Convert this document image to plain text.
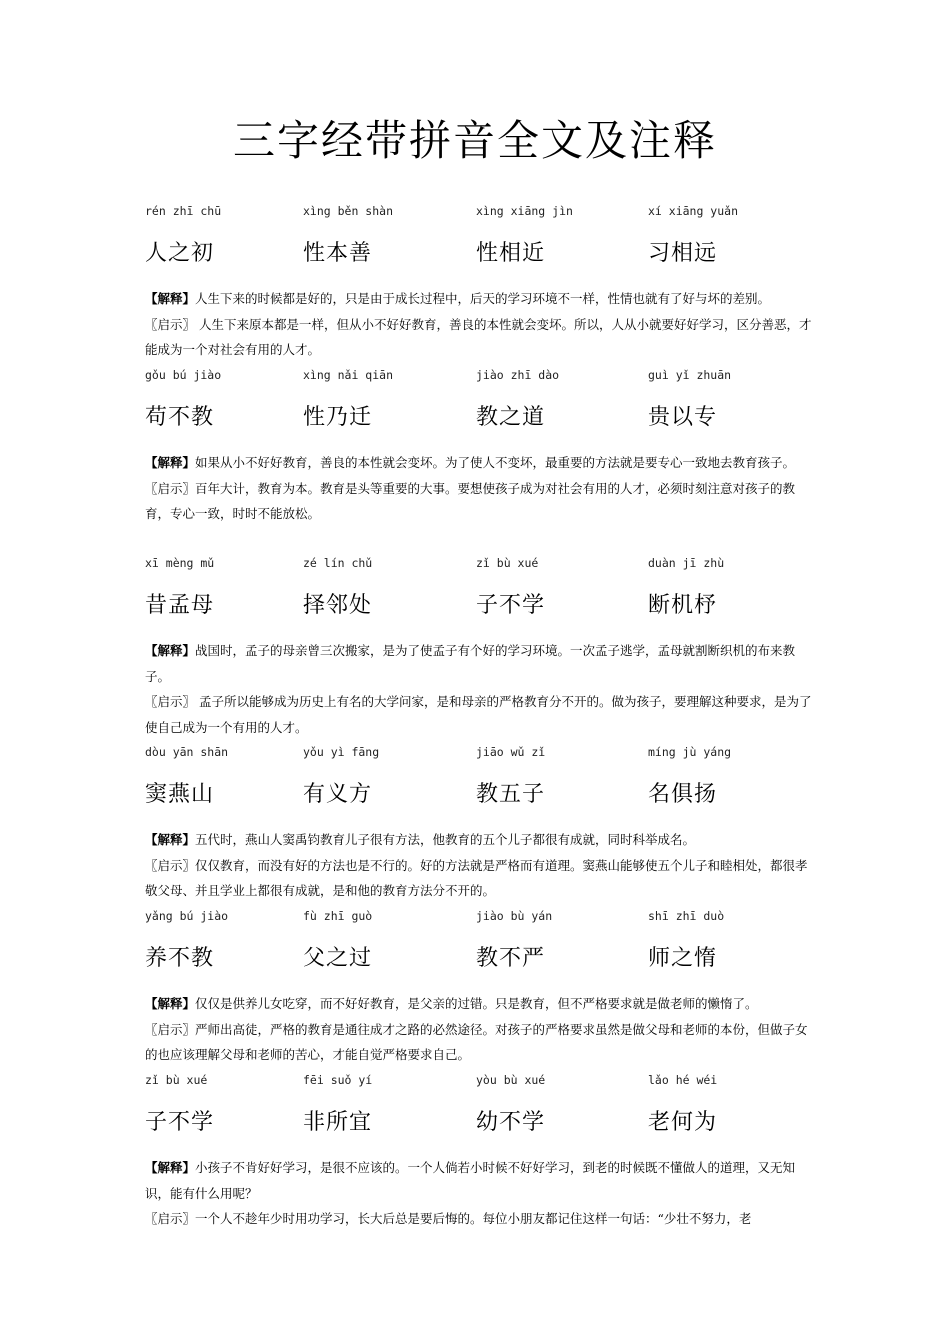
三字经带拼音全文及注释
rén zhī chū	xìng běn shàn	xìng xiāng jìn	xí xiāng yuǎn
人之初	性本善	性相近	习相远

【解释】人生下来的时候都是好的，只是由于成长过程中，后天的学习环境不一样，性情也就有了好与坏的差别。

〖启示〗 人生下来原本都是一样，但从小不好好教育，善良的本性就会变坏。所以，人从小就要好好学习，区分善恶，才能成为一个对社会有用的人才。

gǒu bú jiào	xìng nǎi qiān	jiào zhī dào	guì yǐ zhuān
苟不教	性乃迁	教之道	贵以专

【解释】如果从小不好好教育，善良的本性就会变坏。为了使人不变坏，最重要的方法就是要专心一致地去教育孩子。

〖启示〗百年大计，教育为本。教育是头等重要的大事。要想使孩子成为对社会有用的人才，必须时刻注意对孩子的教育，专心一致，时时不能放松。

xī mèng mǔ	zé lín chǔ	zǐ bù xué	duàn jī zhù
昔孟母	择邻处	子不学	断机杼

【解释】战国时，孟子的母亲曾三次搬家，是为了使孟子有个好的学习环境。一次孟子逃学，孟母就割断织机的布来教子。

〖启示〗 孟子所以能够成为历史上有名的大学问家，是和母亲的严格教育分不开的。做为孩子，要理解这种要求，是为了使自己成为一个有用的人才。

dòu yān shān	yǒu yì fāng	jiāo wǔ zǐ	míng jù yáng
窦燕山	有义方	教五子	名俱扬

【解释】五代时，燕山人窦禹钧教育儿子很有方法，他教育的五个儿子都很有成就，同时科举成名。

〖启示〗仅仅教育，而没有好的方法也是不行的。好的方法就是严格而有道理。窦燕山能够使五个儿子和睦相处，都很孝敬父母、并且学业上都很有成就，是和他的教育方法分不开的。

yǎng bú jiào	fù zhī guò	jiào bù yán	shī zhī duò
养不教	父之过	教不严	师之惰

【解释】仅仅是供养儿女吃穿，而不好好教育，是父亲的过错。只是教育，但不严格要求就是做老师的懒惰了。

〖启示〗严师出高徒，严格的教育是通往成才之路的必然途径。对孩子的严格要求虽然是做父母和老师的本份，但做子女的也应该理解父母和老师的苦心，才能自觉严格要求自己。

zǐ bù xué	fēi suǒ yí	yòu bù xué	lǎo hé wéi
子不学	非所宜	幼不学	老何为

【解释】小孩子不肯好好学习，是很不应该的。一个人倘若小时候不好好学习，到老的时候既不懂做人的道理，又无知识，能有什么用呢？

〖启示〗一个人不趁年少时用功学习，长大后总是要后悔的。每位小朋友都记住这样一句话：“少壮不努力，老
